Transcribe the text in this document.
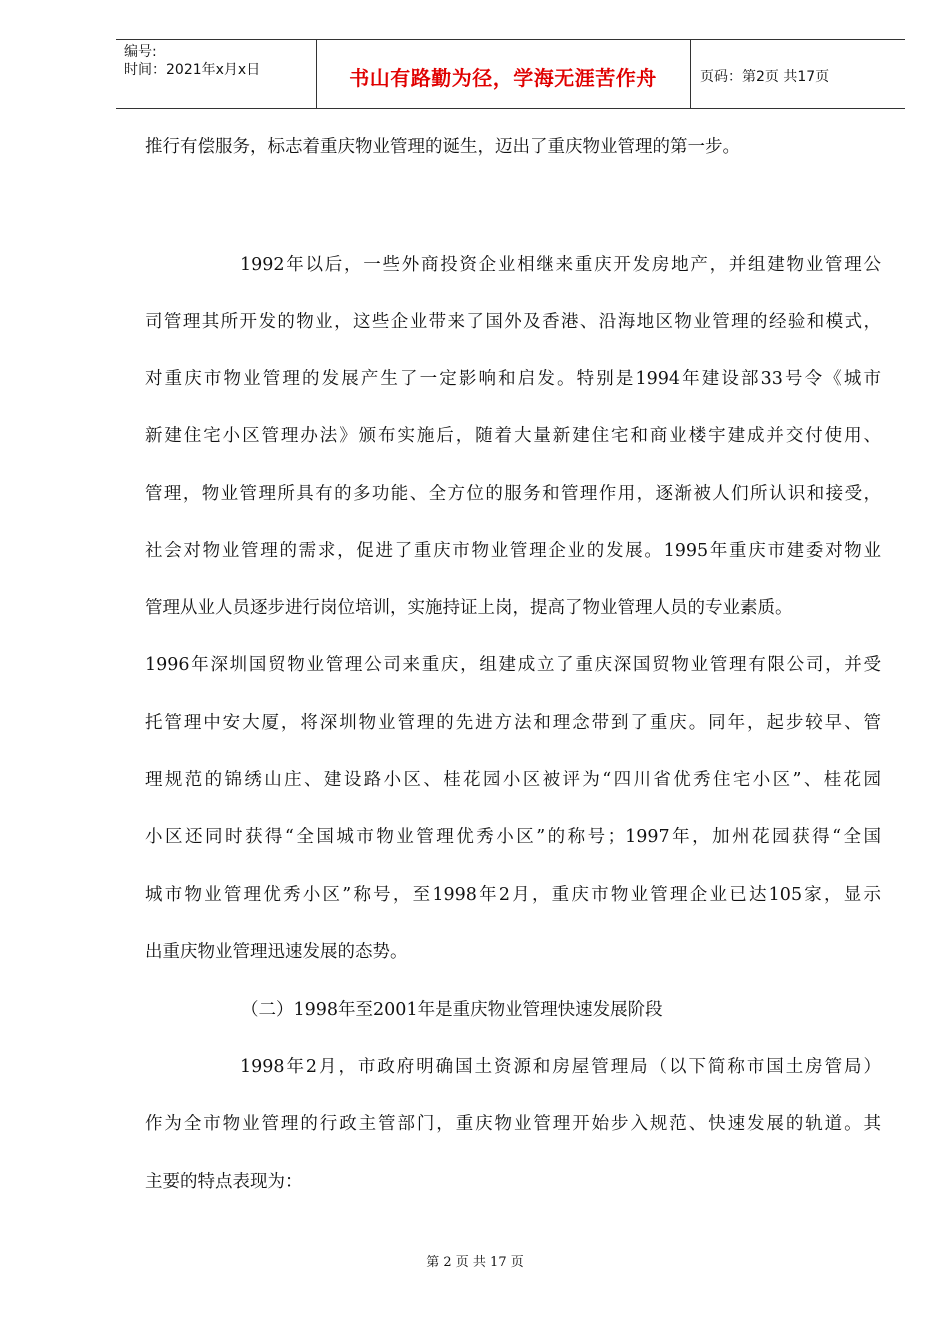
编号:
时间：2021年x月x日	书山有路勤为径，学海无涯苦作舟	页码：第2页 共17页
推行有偿服务，标志着重庆物业管理的诞生，迈出了重庆物业管理的第一步。
1992年以后，一些外商投资企业相继来重庆开发房地产，并组建物业管理公
司管理其所开发的物业，这些企业带来了国外及香港、沿海地区物业管理的经验和模式，
对重庆市物业管理的发展产生了一定影响和启发。特别是1994年建设部33号令《城市
新建住宅小区管理办法》颁布实施后，随着大量新建住宅和商业楼宇建成并交付使用、
管理，物业管理所具有的多功能、全方位的服务和管理作用，逐渐被人们所认识和接受，
社会对物业管理的需求，促进了重庆市物业管理企业的发展。1995年重庆市建委对物业
管理从业人员逐步进行岗位培训，实施持证上岗，提高了物业管理人员的专业素质。
1996年深圳国贸物业管理公司来重庆，组建成立了重庆深国贸物业管理有限公司，并受
托管理中安大厦，将深圳物业管理的先进方法和理念带到了重庆。同年，起步较早、管
理规范的锦绣山庄、建设路小区、桂花园小区被评为“四川省优秀住宅小区”、桂花园
小区还同时获得“全国城市物业管理优秀小区”的称号；1997年，加州花园获得“全国
城市物业管理优秀小区”称号，至1998年2月，重庆市物业管理企业已达105家，显示
出重庆物业管理迅速发展的态势。
（二）1998年至2001年是重庆物业管理快速发展阶段
1998年2月，市政府明确国土资源和房屋管理局（以下简称市国土房管局）
作为全市物业管理的行政主管部门，重庆物业管理开始步入规范、快速发展的轨道。其
主要的特点表现为：
第 2 页 共 17 页
